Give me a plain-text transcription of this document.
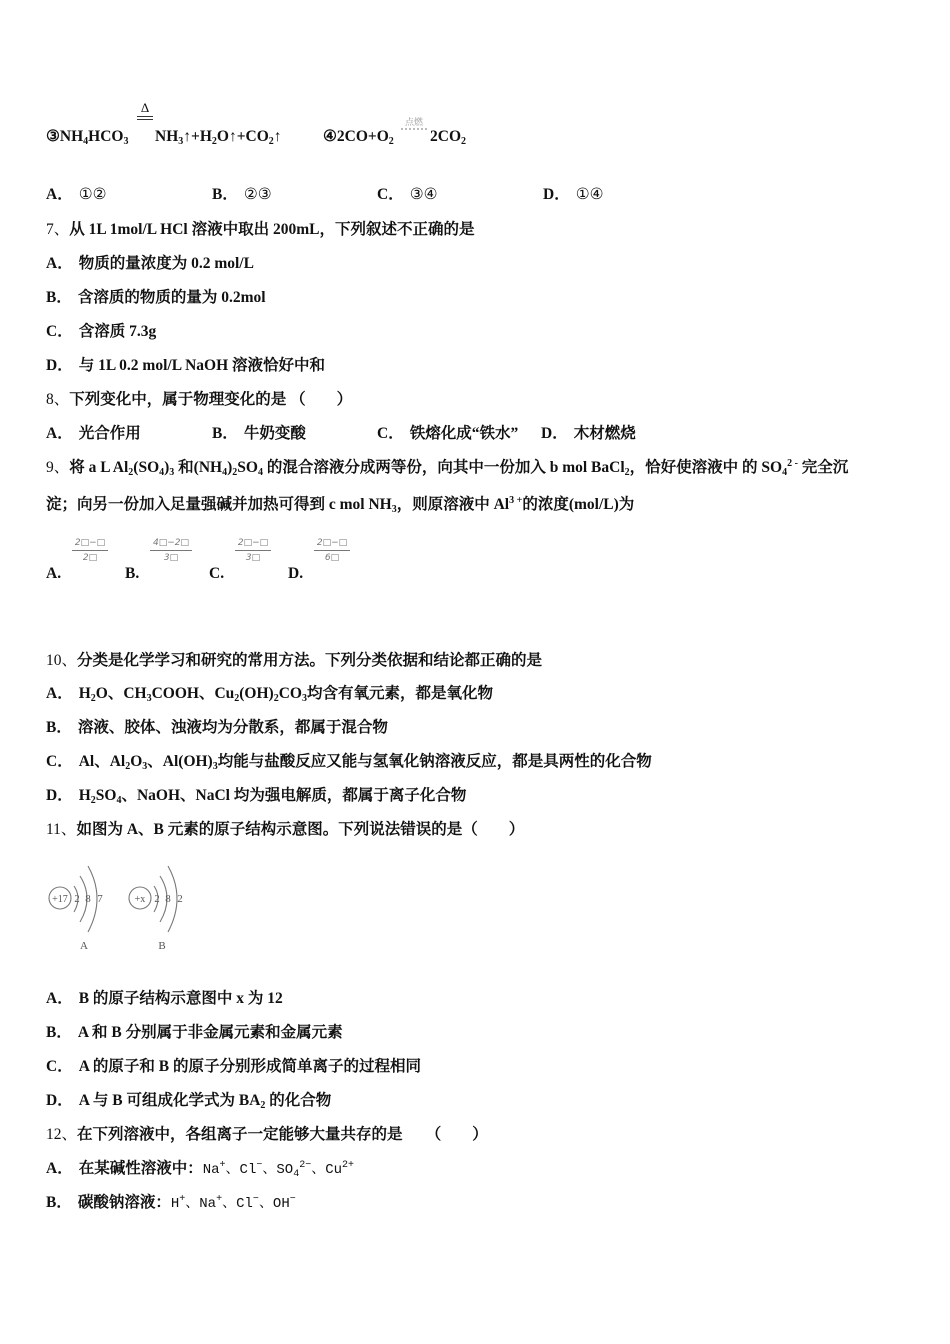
Δ
$③NH_4HCO_3$ $NH_3↑+H_2O↑+CO_2↑$
点燃
$④2CO+O_2$ $2CO_2$
A． ①②	B． ②③	C． ③④	D． ①④
7、从 1L 1mol/L HCl 溶液中取出 200mL，下列叙述不正确的是
A． 物质的量浓度为 0.2 mol/L
B． 含溶质的物质的量为 0.2mol
C． 含溶质 7.3g
D． 与 1L 0.2 mol/L NaOH 溶液恰好中和
8、下列变化中，属于物理变化的是 （　　）
A． 光合作用	B． 牛奶变酸	C． 铁熔化成“铁水” D． 木材燃烧
9、将 a L $Al_2(SO_4)_3$ 和$(NH_4)_2SO_4$ 的混合溶液分成两等份，向其中一份加入 b mol BaCl$_2$，恰好使溶液中 的 $SO_4^{2 -}$ 完全沉
淀；向另一份加入足量强碱并加热可得到 c mol $NH_3$，则原溶液中 $Al^{3 +}$的浓度(mol/L)为
A.
$\frac{2□-□}{2□}$
B.
$\frac{4□-2□}{3□}$
C.
$\frac{2□-□}{3□}$
D.
$\frac{2□-□}{6□}$
10、分类是化学学习和研究的常用方法。下列分类依据和结论都正确的是
A． $H_2O$、$CH_3COOH$、$Cu_2(OH)_2CO_3$均含有氧元素，都是氧化物
B． 溶液、胶体、浊液均为分散系，都属于混合物
C． Al、$Al_2O_3$、$Al(OH)_3$均能与盐酸反应又能与氢氧化钠溶液反应，都是具两性的化合物
D． $H_2SO_4$、NaOH、NaCl 均为强电解质，都属于离子化合物
11、如图为 A、B 元素的原子结构示意图。下列说法错误的是（　　）
+17 2 8 7
A
+x 2 8 2
B
A． B 的原子结构示意图中 x 为 12
B． A 和 B 分别属于非金属元素和金属元素
C． A 的原子和 B 的原子分别形成简单离子的过程相同
D． A 与 B 可组成化学式为 $BA_2$ 的化合物
12、在下列溶液中，各组离子一定能够大量共存的是　　（　　）
A． 在某碱性溶液中：Na+、Cl−、$SO_4^{2-}$、$Cu^{2+}$
B． 碳酸钠溶液：H+、Na+、Cl−、OH−
